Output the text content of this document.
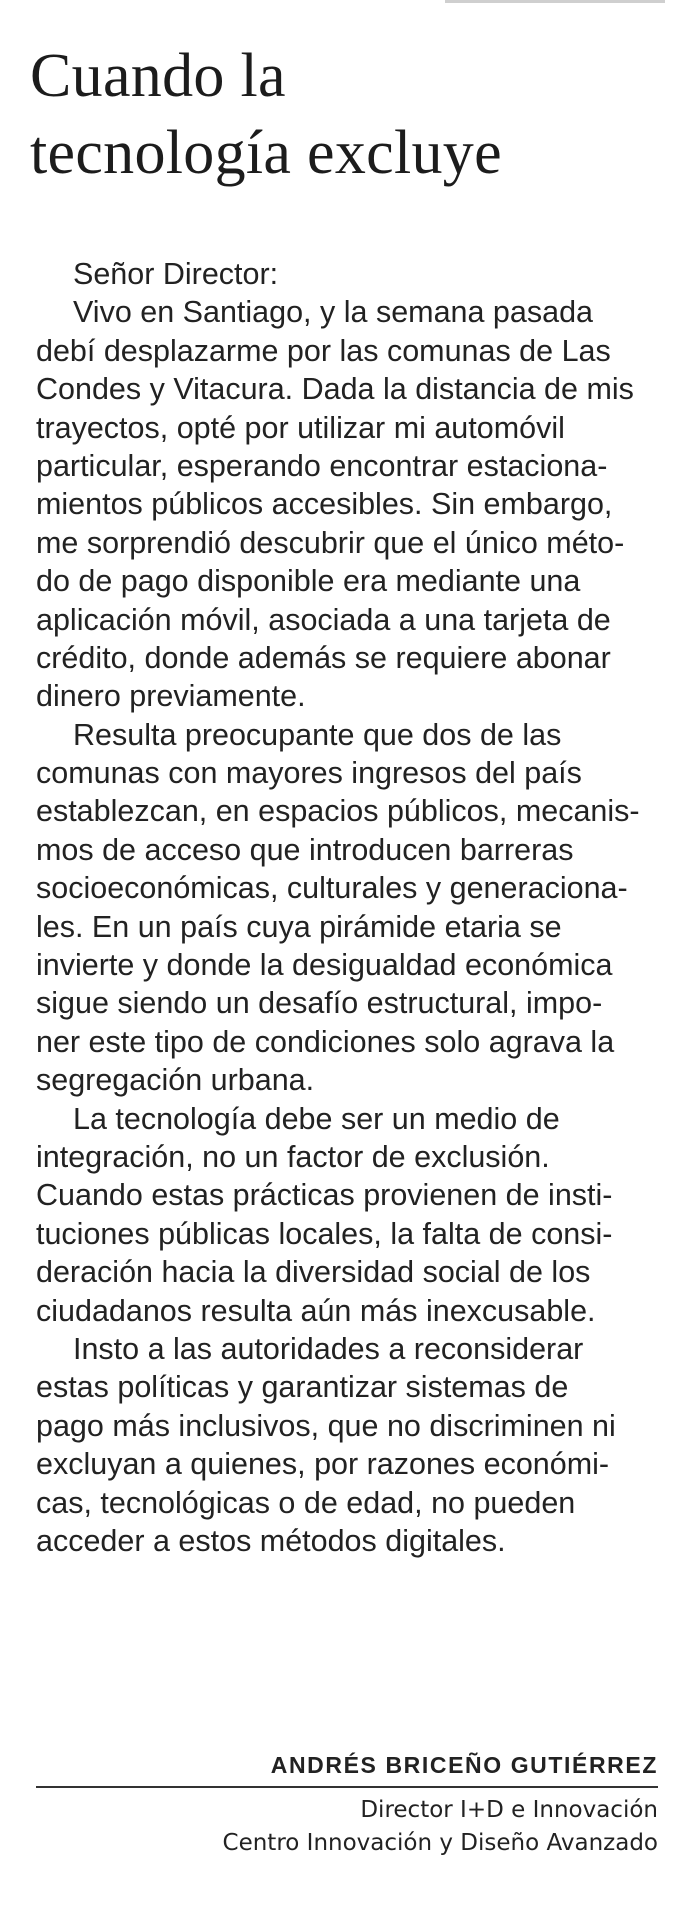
Cuando la
tecnología excluye
Señor Director:
Vivo en Santiago, y la semana pasada
debí desplazarme por las comunas de Las
Condes y Vitacura. Dada la distancia de mis
trayectos, opté por utilizar mi automóvil
particular, esperando encontrar estaciona-
mientos públicos accesibles. Sin embargo,
me sorprendió descubrir que el único méto-
do de pago disponible era mediante una
aplicación móvil, asociada a una tarjeta de
crédito, donde además se requiere abonar
dinero previamente.
Resulta preocupante que dos de las
comunas con mayores ingresos del país
establezcan, en espacios públicos, mecanis-
mos de acceso que introducen barreras
socioeconómicas, culturales y generaciona-
les. En un país cuya pirámide etaria se
invierte y donde la desigualdad económica
sigue siendo un desafío estructural, impo-
ner este tipo de condiciones solo agrava la
segregación urbana.
La tecnología debe ser un medio de
integración, no un factor de exclusión.
Cuando estas prácticas provienen de insti-
tuciones públicas locales, la falta de consi-
deración hacia la diversidad social de los
ciudadanos resulta aún más inexcusable.
Insto a las autoridades a reconsiderar
estas políticas y garantizar sistemas de
pago más inclusivos, que no discriminen ni
excluyan a quienes, por razones económi-
cas, tecnológicas o de edad, no pueden
acceder a estos métodos digitales.
ANDRÉS BRICEÑO GUTIÉRREZ
Director I+D e Innovación
Centro Innovación y Diseño Avanzado
